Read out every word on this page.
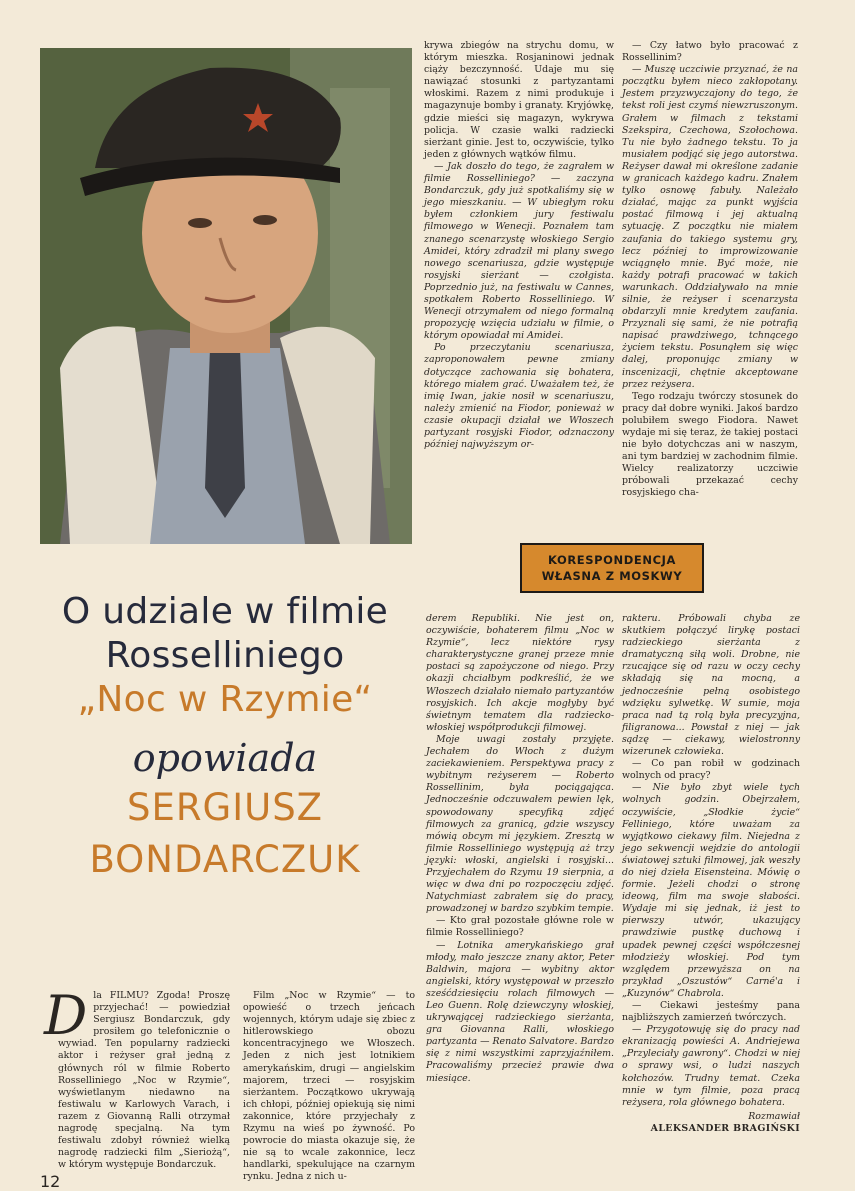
krywa zbiegów na strychu domu, w którym mieszka. Rosjaninowi jednak ciąży bezczynność. Udaje mu się nawiązać stosunki z partyzantami włoskimi. Razem z nimi produkuje i magazynuje bomby i granaty. Kryjówkę, gdzie mieści się magazyn, wykrywa policja. W czasie walki radziecki sierżant ginie. Jest to, oczywiście, tylko jeden z głównych wątków filmu.

— Jak doszło do tego, że zagrałem w filmie Rosselliniego? — zaczyna Bondarczuk, gdy już spotkaliśmy się w jego mieszkaniu. — W ubiegłym roku byłem członkiem jury festiwalu filmowego w Wenecji. Poznałem tam znanego scenarzystę włoskiego Sergio Amidei, który zdradził mi plany swego nowego scenariusza, gdzie występuje rosyjski sierżant — czołgista. Poprzednio już, na festiwalu w Cannes, spotkałem Roberto Rosselliniego. W Wenecji otrzymałem od niego formalną propozycję wzięcia udziału w filmie, o którym opowiadał mi Amidei.

Po przeczytaniu scenariusza, zaproponowałem pewne zmiany dotyczące zachowania się bohatera, którego miałem grać. Uważałem też, że imię Iwan, jakie nosił w scenariuszu, należy zmienić na Fiodor, ponieważ w czasie okupacji działał we Włoszech partyzant rosyjski Fiodor, odznaczony później najwyższym or-

— Czy łatwo było pracować z Rossellinim?

— Muszę uczciwie przyznać, że na początku byłem nieco zakłopotany. Jestem przyzwyczajony do tego, że tekst roli jest czymś niewzruszonym. Grałem w filmach z tekstami Szekspira, Czechowa, Szołochowa. Tu nie było żadnego tekstu. To ja musiałem podjąć się jego autorstwa. Reżyser dawał mi określone zadanie w granicach każdego kadru. Znałem tylko osnowę fabuły. Należało działać, mając za punkt wyjścia postać filmową i jej aktualną sytuację. Z początku nie miałem zaufania do takiego systemu gry, lecz później to improwizowanie wciągnęło mnie. Być może, nie każdy potrafi pracować w takich warunkach. Oddziaływało na mnie silnie, że reżyser i scenarzysta obdarzyli mnie kredytem zaufania. Przyznali się sami, że nie potrafią napisać prawdziwego, tchnącego życiem tekstu. Posunąłem się więc dalej, proponując zmiany w inscenizacji, chętnie akceptowane przez reżysera.

Tego rodzaju twórczy stosunek do pracy dał dobre wyniki. Jakoś bardzo polubiłem swego Fiodora. Nawet wydaje mi się teraz, że takiej postaci nie było dotychczas ani w naszym, ani tym bardziej w zachodnim filmie. Wielcy realizatorzy uczciwie próbowali przekazać cechy rosyjskiego cha-

KORESPONDENCJA
WŁASNA Z MOSKWY

O udziale w filmie

Rosselliniego

„Noc w Rzymie“

opowiada

SERGIUSZ

BONDARCZUK

D la FILMU? Zgoda! Proszę przyjechać! — powiedział Sergiusz Bondarczuk, gdy prosiłem go telefonicznie o wywiad. Ten popularny radziecki aktor i reżyser grał jedną z głównych ról w filmie Roberto Rosselliniego „Noc w Rzymie“, wyświetlanym niedawno na festiwalu w Karlowych Varach, i razem z Giovanną Ralli otrzymał nagrodę specjalną. Na tym festiwalu zdobył również wielką nagrodę radziecki film „Sieriożą“, w którym występuje Bondarczuk.

Film „Noc w Rzymie“ — to opowieść o trzech jeńcach wojennych, którym udaje się zbiec z hitlerowskiego obozu koncentracyjnego we Włoszech. Jeden z nich jest lotnikiem amerykańskim, drugi — angielskim majorem, trzeci — rosyjskim sierżantem. Początkowo ukrywają ich chłopi, później opiekują się nimi zakonnice, które przyjechały z Rzymu na wieś po żywność. Po powrocie do miasta okazuje się, że nie są to wcale zakonnice, lecz handlarki, spekulujące na czarnym rynku. Jedna z nich u-

derem Republiki. Nie jest on, oczywiście, bohaterem filmu „Noc w Rzymie“, lecz niektóre rysy charakterystyczne granej przeze mnie postaci są zapożyczone od niego. Przy okazji chciałbym podkreślić, że we Włoszech działało niemało partyzantów rosyjskich. Ich akcje mogłyby być świetnym tematem dla radziecko-włoskiej współprodukcji filmowej.

Moje uwagi zostały przyjęte. Jechałem do Włoch z dużym zaciekawieniem. Perspektywa pracy z wybitnym reżyserem — Roberto Rossellinim, była pociągająca. Jednocześnie odczuwałem pewien lęk, spowodowany specyfiką zdjęć filmowych za granicą, gdzie wszyscy mówią obcym mi językiem. Zresztą w filmie Rosselliniego występują aż trzy języki: włoski, angielski i rosyjski... Przyjechałem do Rzymu 19 sierpnia, a więc w dwa dni po rozpoczęciu zdjęć. Natychmiast zabrałem się do pracy, prowadzonej w bardzo szybkim tempie.

— Kto grał pozostałe główne role w filmie Rosselliniego?

— Lotnika amerykańskiego grał młody, mało jeszcze znany aktor, Peter Baldwin, majora — wybitny aktor angielski, który występował w przeszło sześćdziesięciu rolach filmowych — Leo Guenn. Rolę dziewczyny włoskiej, ukrywającej radzieckiego sierżanta, gra Giovanna Ralli, włoskiego partyzanta — Renato Salvatore. Bardzo się z nimi wszystkimi zaprzyjaźniłem. Pracowaliśmy przecież prawie dwa miesiące.

rakteru. Próbowali chyba ze skutkiem połączyć lirykę postaci radzieckiego sierżanta z dramatyczną siłą woli. Drobne, nie rzucające się od razu w oczy cechy składają się na mocną, a jednocześnie pełną osobistego wdzięku sylwetkę. W sumie, moja praca nad tą rolą była precyzyjna, filigranowa... Powstał z niej — jak sądzę — ciekawy, wielostronny wizerunek człowieka.

— Co pan robił w godzinach wolnych od pracy?

— Nie było zbyt wiele tych wolnych godzin. Obejrzałem, oczywiście, „Słodkie życie“ Felliniego, które uważam za wyjątkowo ciekawy film. Niejedna z jego sekwencji wejdzie do antologii światowej sztuki filmowej, jak weszły do niej dzieła Eisensteina. Mówię o formie. Jeżeli chodzi o stronę ideową, film ma swoje słabości. Wydaje mi się jednak, iż jest to pierwszy utwór, ukazujący prawdziwie pustkę duchową i upadek pewnej części współczesnej młodzieży włoskiej. Pod tym względem przewyższa on na przykład „Oszustów“ Carné'a i „Kuzynów“ Chabrola.

— Ciekawi jesteśmy pana najbliższych zamierzeń twórczych.

— Przygotowuję się do pracy nad ekranizacją powieści A. Andriejewa „Przyleciały gawrony“. Chodzi w niej o sprawy wsi, o ludzi naszych kołchozów. Trudny temat. Czeka mnie w tym filmie, poza pracą reżysera, rola głównego bohatera.

Rozmawiał
ALEKSANDER BRAGIŃSKI
12
